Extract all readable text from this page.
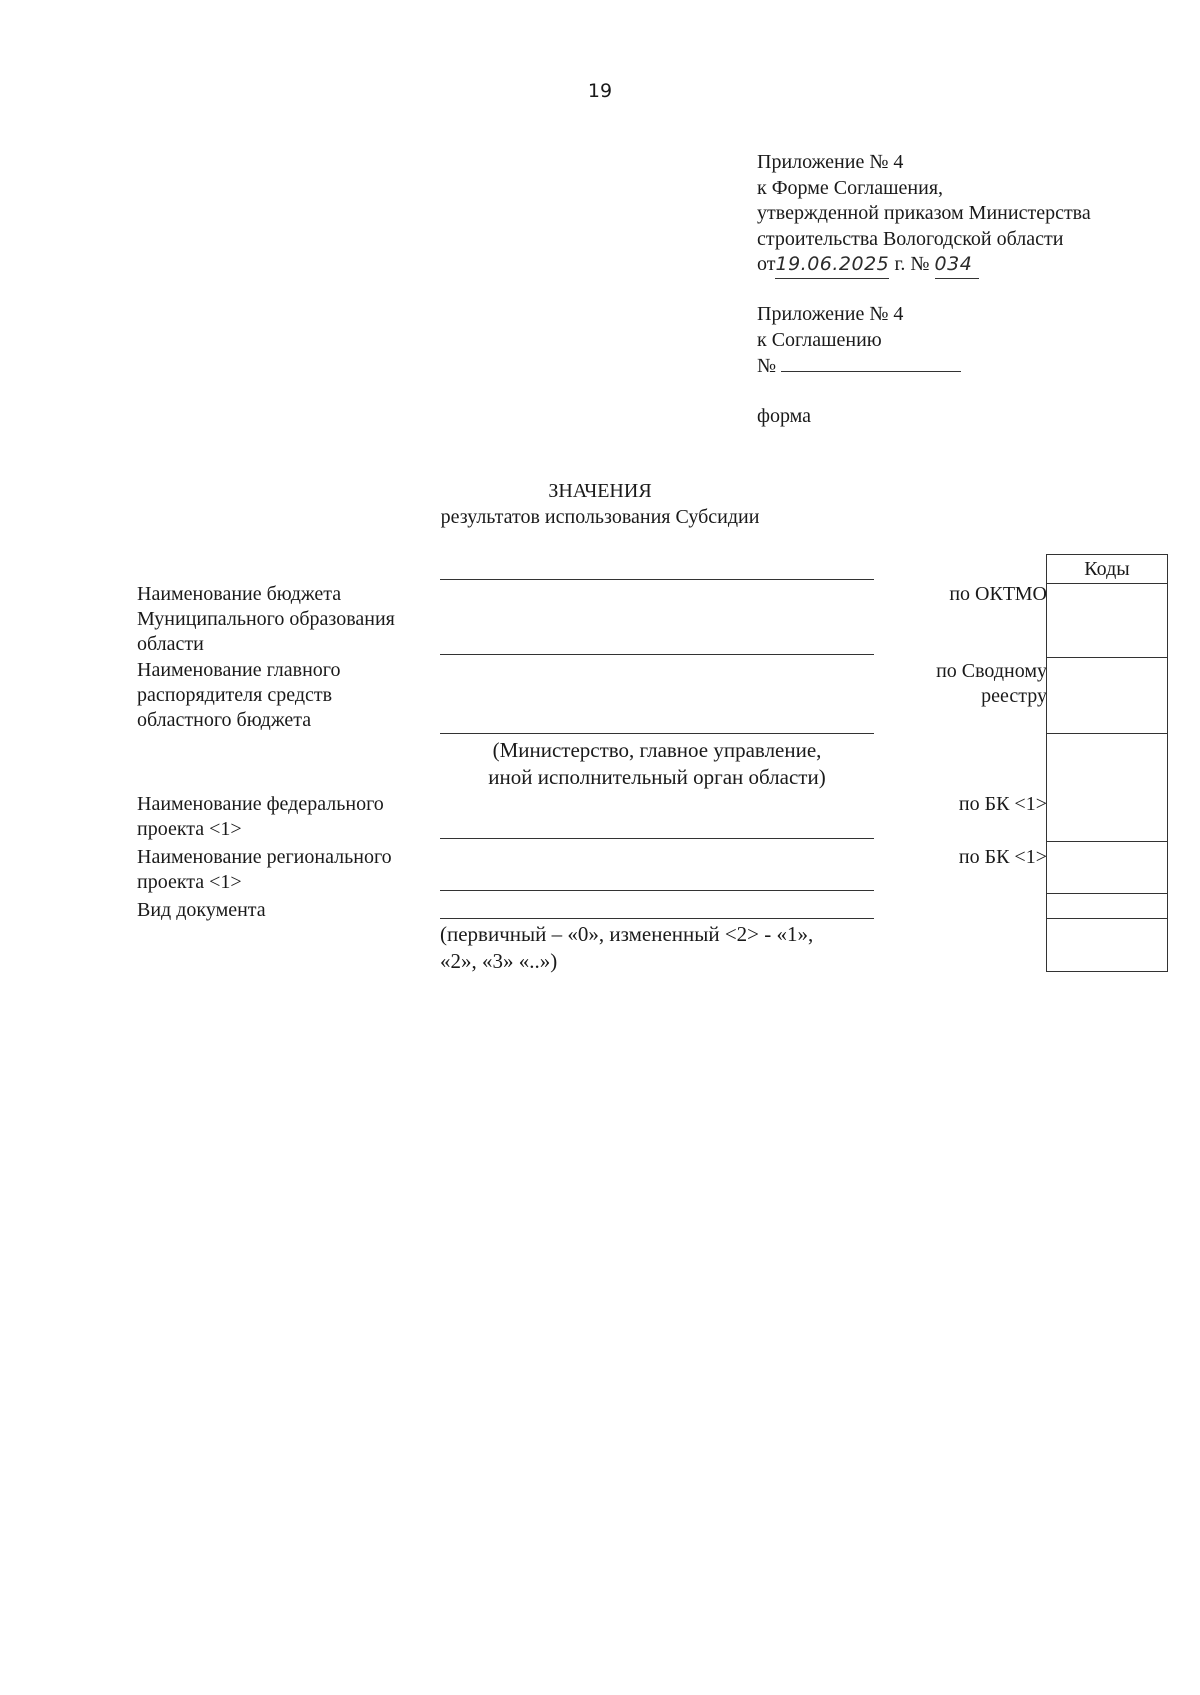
19
Приложение № 4
к Форме Соглашения,
утвержденной приказом Министерства
строительства Вологодской области
от19.06.2025 г. № 034
Приложение № 4
к Соглашению
№
форма
ЗНАЧЕНИЯ
результатов использования Субсидии
Наименование бюджета
Муниципального образования
области
Наименование главного
распорядителя средств
областного бюджета
Наименование федерального
проекта <1>
Наименование регионального
проекта <1>
Вид документа
(Министерство, главное управление,
иной исполнительный орган области)
(первичный – «0», измененный <2> - «1»,
«2», «3» «..»)
по ОКТМО
по Сводному
реестру
по БК <1>
по БК <1>
Коды
